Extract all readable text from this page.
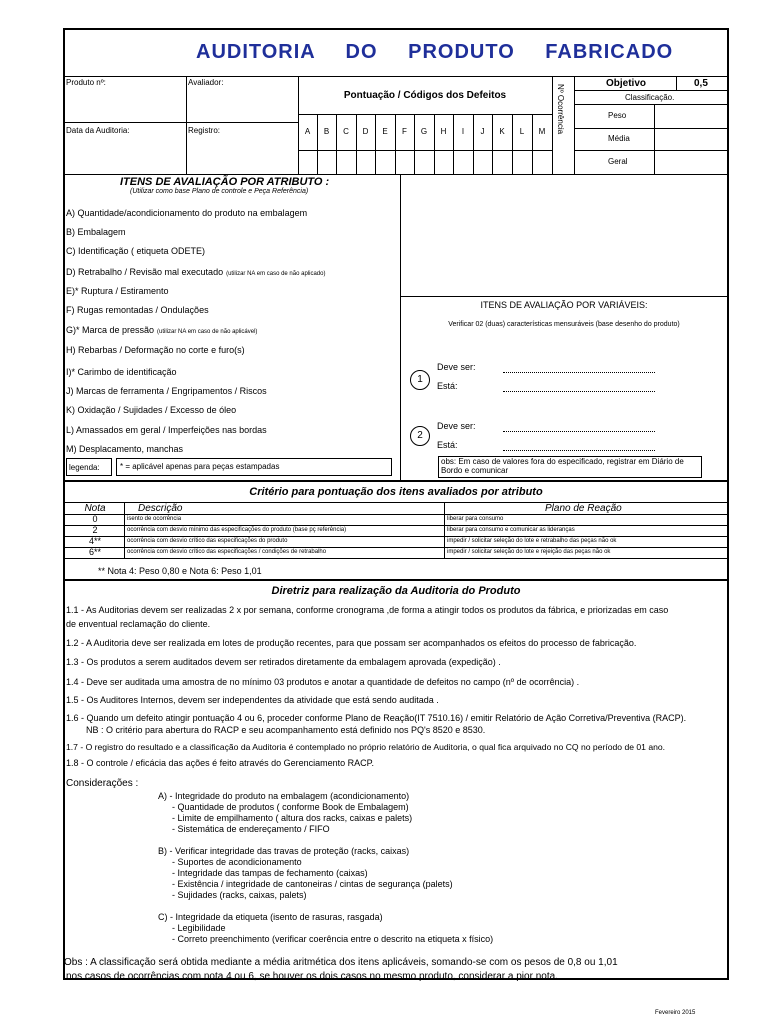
AUDITORIA DO PRODUTO FABRICADO
Produto nº:	Avaliador:
Data da Auditoria:	Registro:
Pontuação / Códigos dos Defeitos	Nº Ocorrência
A	B	C	D	E	F	G	H	I	J	K	L	M
Objetivo	0,5
Classificação.
Peso
Média
Geral
ITENS DE AVALIAÇÃO POR ATRIBUTO :
(Utilizar como base Plano de controle e Peça Referência)
A) Quantidade/acondicionamento do produto na embalagem
B) Embalagem
C) Identificação ( etiqueta ODETE)
D) Retrabalho / Revisão mal executado (utilizar NA em caso de não aplicado)
E)* Ruptura / Estiramento
F) Rugas remontadas / Ondulações
G)* Marca de pressão (utilizar NA em caso de não aplicável)
H) Rebarbas / Deformação no corte e furo(s)
I)* Carimbo de identificação
J) Marcas de ferramenta / Engripamentos / Riscos
K) Oxidação / Sujidades / Excesso de óleo
L) Amassados em geral / Imperfeições nas bordas
M) Desplacamento, manchas
legenda:	* = aplicável apenas para peças estampadas
ITENS DE AVALIAÇÃO POR VARIÁVEIS:
Verificar 02 (duas) características mensuráveis (base desenho do produto)
1
Deve ser:
Está:
2
Deve ser:
Está:
obs: Em caso de valores fora do especificado, registrar em Diário de Bordo e comunicar
Critério para pontuação dos itens avaliados por atributo
Nota	Descrição	Plano de Reação
0	isento de ocorrência	liberar para consumo
2	ocorrência com desvio mínimo das especificações do produto (base pç referência)	liberar para consumo e comunicar as lideranças
4**	ocorrência com desvio crítico das especificações do produto	impedir / solicitar seleção do lote e retrabalho das peças não ok
6**	ocorrência com desvio crítico das especificações / condições de retrabalho	impedir / solicitar seleção do lote e rejeição das peças não ok
** Nota 4: Peso 0,80 e Nota 6: Peso 1,01
Diretriz para realização da Auditoria do Produto
1.1 - As Auditorias devem ser realizadas 2 x por semana, conforme cronograma ,de forma a atingir todos os produtos da fábrica, e priorizadas em caso
de enventual reclamação do cliente.
1.2 - A Auditoria deve ser realizada em lotes de produção recentes, para que possam ser acompanhados os efeitos do processo de fabricação.
1.3 - Os produtos a serem auditados devem ser retirados diretamente da embalagem aprovada (expedição) .
1.4 - Deve ser auditada uma amostra de no mínimo 03 produtos e anotar a quantidade de defeitos no campo (nº de ocorrência) .
1.5 - Os Auditores Internos, devem ser independentes da atividade que está sendo auditada .
1.6 - Quando um defeito atingir pontuação 4 ou 6, proceder conforme Plano de Reação(IT 7510.16) / emitir Relatório de Ação Corretiva/Preventiva (RACP).
NB : O critério para abertura do RACP e seu acompanhamento está definido nos PQ's 8520 e 8530.
1.7 - O registro do resultado e a classificação da Auditoria é contemplado no próprio relatório de Auditoria, o qual fica arquivado no CQ no período de 01 ano.
1.8 - O controle / eficácia das ações é feito através do Gerenciamento RACP.
Considerações :
A) - Integridade do produto na embalagem (acondicionamento)
- Quantidade de produtos ( conforme Book de Embalagem)
- Limite de empilhamento ( altura dos racks, caixas e palets)
- Sistemática de endereçamento / FIFO
B) - Verificar integridade das travas de proteção (racks, caixas)
- Suportes de acondicionamento
- Integridade das tampas de fechamento (caixas)
- Existência / integridade de cantoneiras / cintas de segurança (palets)
- Sujidades (racks, caixas, palets)
C) - Integridade da etiqueta (isento de rasuras, rasgada)
- Legibilidade
- Correto preenchimento (verificar coerência entre o descrito na etiqueta x físico)
Obs : A classificação será obtida mediante a média aritmética dos itens aplicáveis, somando-se com os pesos de 0,8 ou 1,01
nos casos de ocorrências com nota 4 ou 6, se houver os dois casos no mesmo produto, considerar a pior nota.
Fevereiro 2015
